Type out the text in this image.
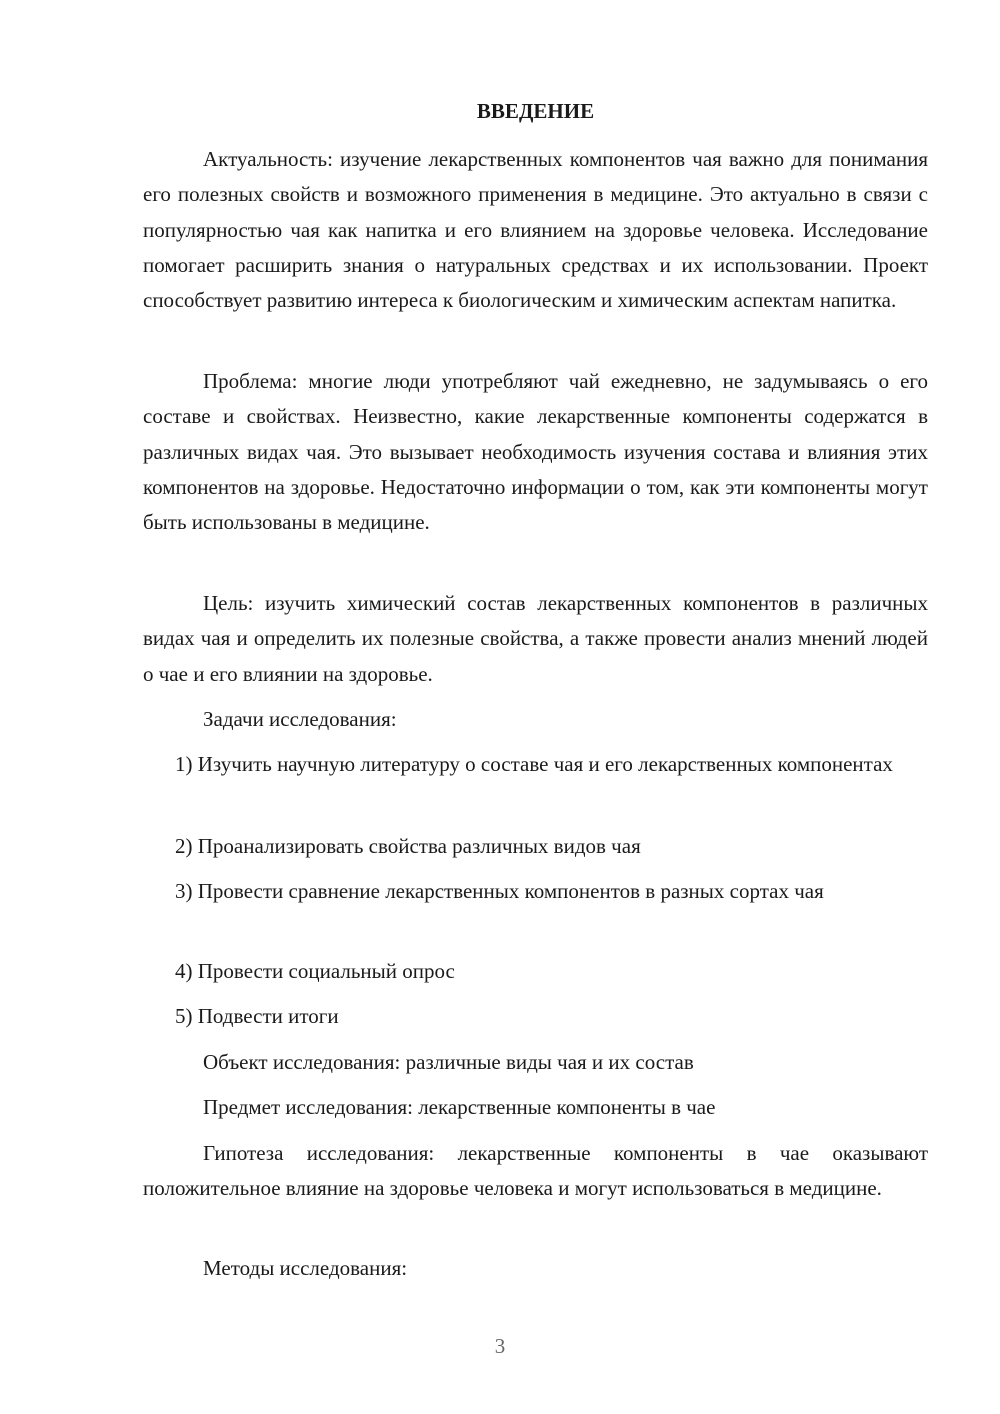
ВВЕДЕНИЕ

Актуальность: изучение лекарственных компонентов чая важно для понимания его полезных свойств и возможного применения в медицине. Это актуально в связи с популярностью чая как напитка и его влиянием на здоровье человека. Исследование помогает расширить знания о натуральных средствах и их использовании. Проект способствует развитию интереса к биологическим и химическим аспектам напитка.

Проблема: многие люди употребляют чай ежедневно, не задумываясь о его составе и свойствах. Неизвестно, какие лекарственные компоненты содержатся в различных видах чая. Это вызывает необходимость изучения состава и влияния этих компонентов на здоровье. Недостаточно информации о том, как эти компоненты могут быть использованы в медицине.

Цель: изучить химический состав лекарственных компонентов в различных видах чая и определить их полезные свойства, а также провести анализ мнений людей о чае и его влиянии на здоровье.

Задачи исследования:

1) Изучить научную литературу о составе чая и его лекарственных компонентах

2) Проанализировать свойства различных видов чая

3) Провести сравнение лекарственных компонентов в разных сортах чая

4) Провести социальный опрос

5) Подвести итоги

Объект исследования: различные виды чая и их состав

Предмет исследования: лекарственные компоненты в чае

Гипотеза исследования: лекарственные компоненты в чае оказывают положительное влияние на здоровье человека и могут использоваться в медицине.

Методы исследования:

3
